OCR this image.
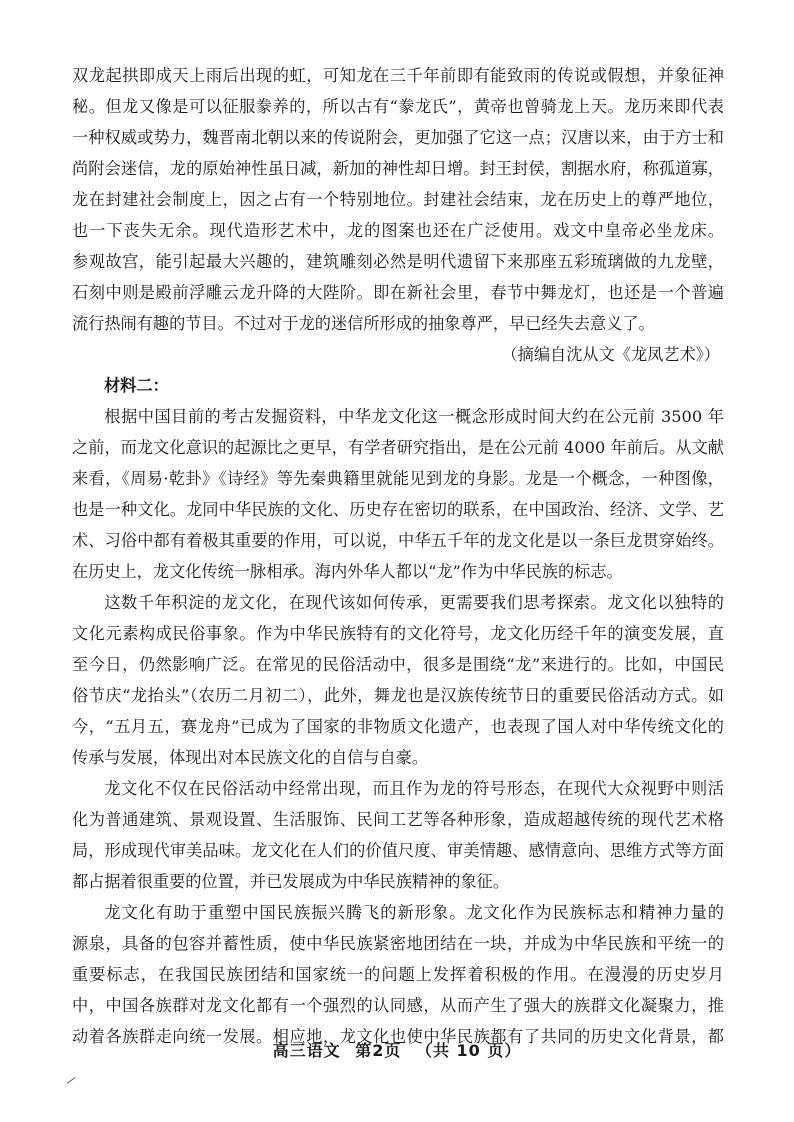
双龙起拱即成天上雨后出现的虹，可知龙在三千年前即有能致雨的传说或假想，并象征神
秘。但龙又像是可以征服豢养的，所以古有“豢龙氏”，黄帝也曾骑龙上天。龙历来即代表
一种权威或势力，魏晋南北朝以来的传说附会，更加强了它这一点；汉唐以来，由于方士和
尚附会迷信，龙的原始神性虽日减，新加的神性却日增。封王封侯，割据水府，称孤道寡，
龙在封建社会制度上，因之占有一个特别地位。封建社会结束，龙在历史上的尊严地位，
也一下丧失无余。现代造形艺术中，龙的图案也还在广泛使用。戏文中皇帝必坐龙床。
参观故宫，能引起最大兴趣的，建筑雕刻必然是明代遗留下来那座五彩琉璃做的九龙壁，
石刻中则是殿前浮雕云龙升降的大陛阶。即在新社会里，春节中舞龙灯，也还是一个普遍
流行热闹有趣的节目。不过对于龙的迷信所形成的抽象尊严，早已经失去意义了。
（摘编自沈从文《龙凤艺术》）
材料二：
根据中国目前的考古发掘资料，中华龙文化这一概念形成时间大约在公元前 3500 年
之前，而龙文化意识的起源比之更早，有学者研究指出，是在公元前 4000 年前后。从文献
来看，《周易·乾卦》《诗经》等先秦典籍里就能见到龙的身影。龙是一个概念，一种图像，
也是一种文化。龙同中华民族的文化、历史存在密切的联系，在中国政治、经济、文学、艺
术、习俗中都有着极其重要的作用，可以说，中华五千年的龙文化是以一条巨龙贯穿始终。
在历史上，龙文化传统一脉相承。海内外华人都以“龙”作为中华民族的标志。
这数千年积淀的龙文化，在现代该如何传承，更需要我们思考探索。龙文化以独特的
文化元素构成民俗事象。作为中华民族特有的文化符号，龙文化历经千年的演变发展，直
至今日，仍然影响广泛。在常见的民俗活动中，很多是围绕“龙”来进行的。比如，中国民
俗节庆“龙抬头”（农历二月初二），此外，舞龙也是汉族传统节日的重要民俗活动方式。如
今，“五月五，赛龙舟”已成为了国家的非物质文化遗产，也表现了国人对中华传统文化的
传承与发展，体现出对本民族文化的自信与自豪。
龙文化不仅在民俗活动中经常出现，而且作为龙的符号形态，在现代大众视野中则活
化为普通建筑、景观设置、生活服饰、民间工艺等各种形象，造成超越传统的现代艺术格
局，形成现代审美品味。龙文化在人们的价值尺度、审美情趣、感情意向、思维方式等方面
都占据着很重要的位置，并已发展成为中华民族精神的象征。
龙文化有助于重塑中国民族振兴腾飞的新形象。龙文化作为民族标志和精神力量的
源泉，具备的包容并蓄性质，使中华民族紧密地团结在一块，并成为中华民族和平统一的
重要标志，在我国民族团结和国家统一的问题上发挥着积极的作用。在漫漫的历史岁月
中，中国各族群对龙文化都有一个强烈的认同感，从而产生了强大的族群文化凝聚力，推
动着各族群走向统一发展。相应地，龙文化也使中华民族都有了共同的历史文化背景，都
高三语文 第2页 （共 10 页）
